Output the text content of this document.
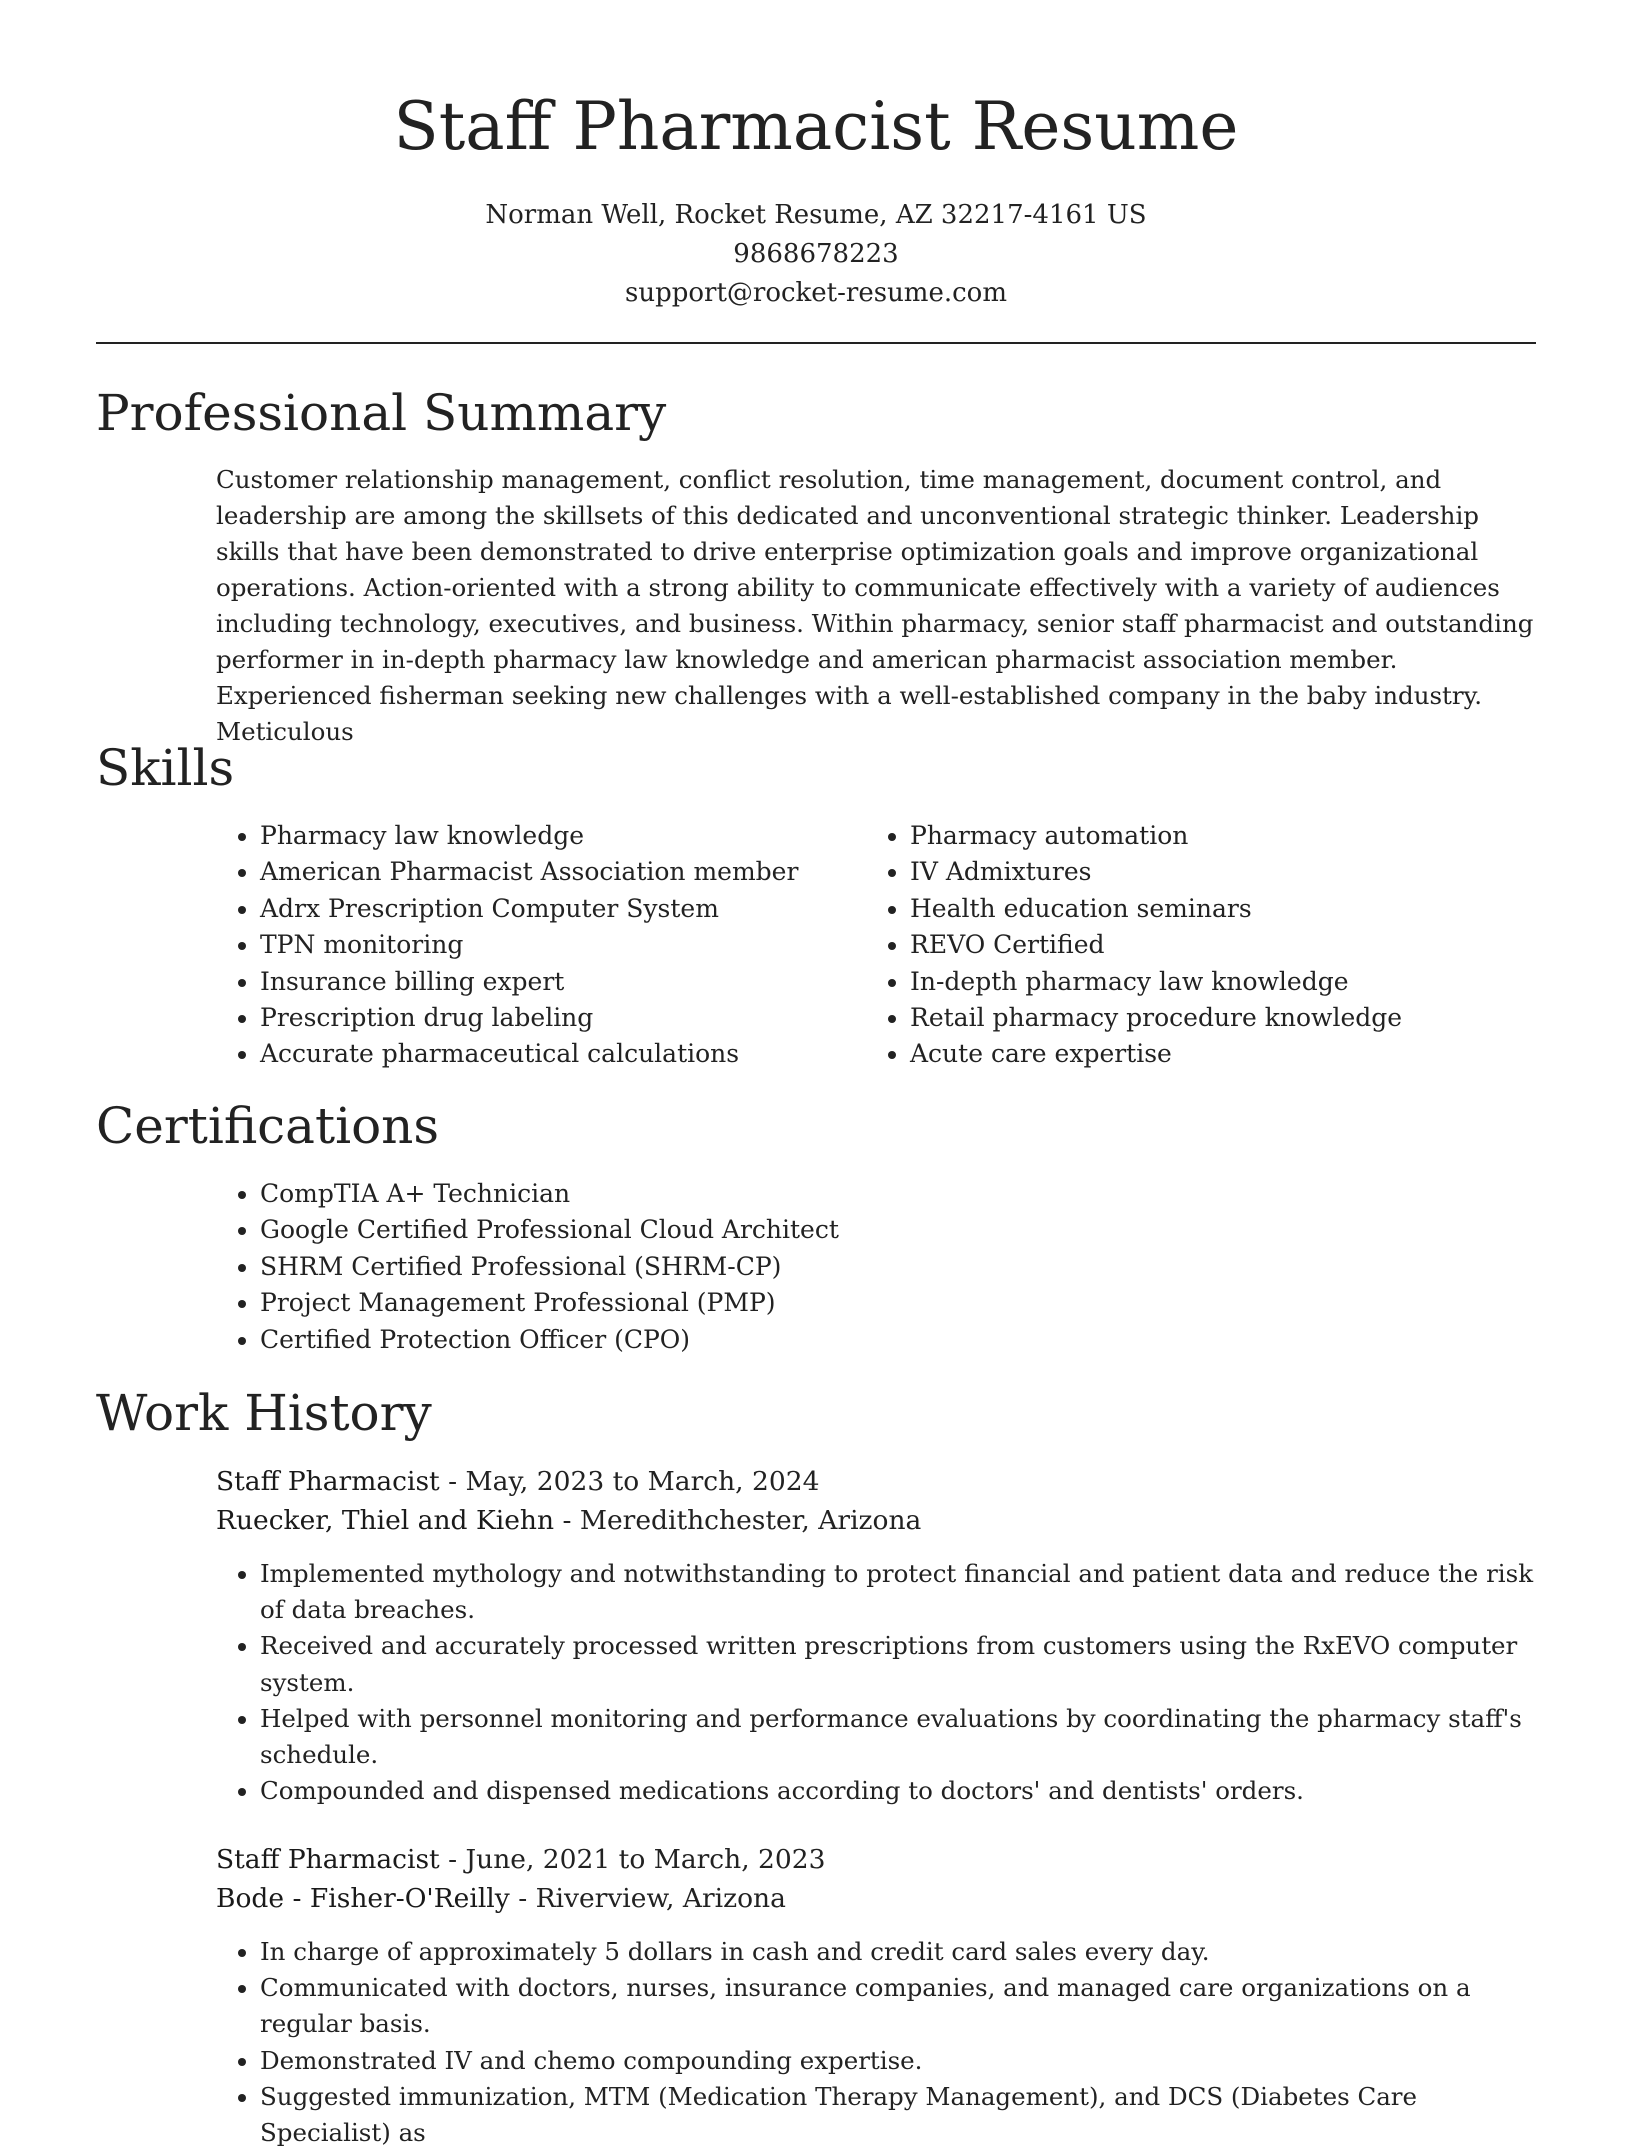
Staff Pharmacist Resume
Norman Well, Rocket Resume, AZ 32217-4161 US
9868678223
support@rocket-resume.com
Professional Summary

Customer relationship management, conflict resolution, time management, document control, and leadership are among the skillsets of this dedicated and unconventional strategic thinker. Leadership skills that have been demonstrated to drive enterprise optimization goals and improve organizational operations. Action-oriented with a strong ability to communicate effectively with a variety of audiences including technology, executives, and business. Within pharmacy, senior staff pharmacist and outstanding performer in in-depth pharmacy law knowledge and american pharmacist association member. Experienced fisherman seeking new challenges with a well-established company in the baby industry. Meticulous

Skills
• Pharmacy law knowledge
• American Pharmacist Association member
• Adrx Prescription Computer System
• TPN monitoring
• Insurance billing expert
• Prescription drug labeling
• Accurate pharmaceutical calculations
• Pharmacy automation
• IV Admixtures
• Health education seminars
• REVO Certified
• In-depth pharmacy law knowledge
• Retail pharmacy procedure knowledge
• Acute care expertise
Certifications
• CompTIA A+ Technician
• Google Certified Professional Cloud Architect
• SHRM Certified Professional (SHRM-CP)
• Project Management Professional (PMP)
• Certified Protection Officer (CPO)
Work History
Staff Pharmacist - May, 2023 to March, 2024
Ruecker, Thiel and Kiehn - Meredithchester, Arizona
• Implemented mythology and notwithstanding to protect financial and patient data and reduce the risk of data breaches.
• Received and accurately processed written prescriptions from customers using the RxEVO computer system.
• Helped with personnel monitoring and performance evaluations by coordinating the pharmacy staff's schedule.
• Compounded and dispensed medications according to doctors' and dentists' orders.
Staff Pharmacist - June, 2021 to March, 2023
Bode - Fisher-O'Reilly - Riverview, Arizona
• In charge of approximately 5 dollars in cash and credit card sales every day.
• Communicated with doctors, nurses, insurance companies, and managed care organizations on a regular basis.
• Demonstrated IV and chemo compounding expertise.
• Suggested immunization, MTM (Medication Therapy Management), and DCS (Diabetes Care Specialist) as
